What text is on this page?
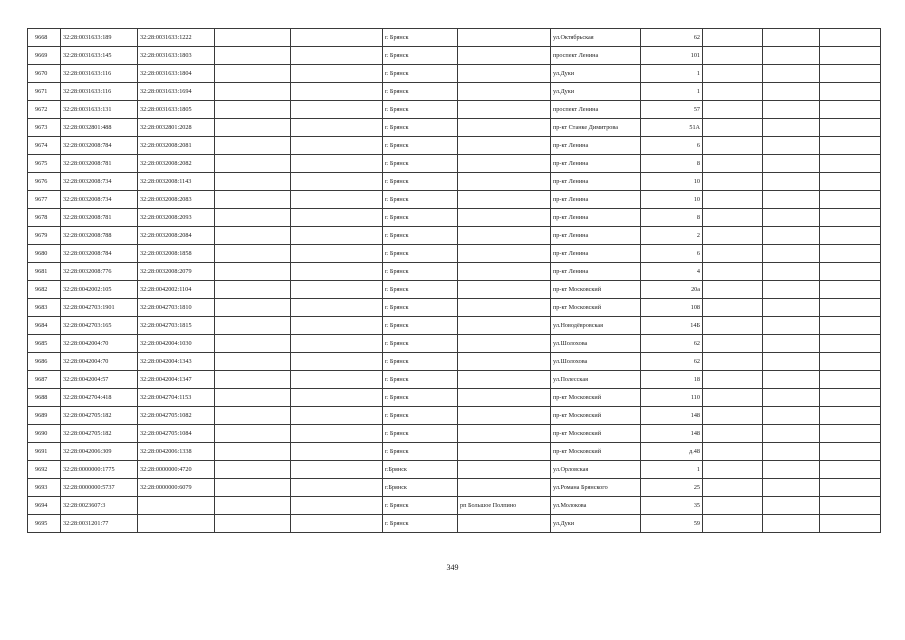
9668	32:28:0031633:189	32:28:0031633:1222			г. Брянск		ул.Октябрьская	62			
9669	32:28:0031633:145	32:28:0031633:1803			г. Брянск		проспект Ленина	101			
9670	32:28:0031633:116	32:28:0031633:1804			г. Брянск		ул.Дуки	1			
9671	32:28:0031633:116	32:28:0031633:1694			г. Брянск		ул.Дуки	1			
9672	32:28:0031633:131	32:28:0031633:1805			г. Брянск		проспект Ленина	57			
9673	32:28:0032801:488	32:28:0032801:2028			г. Брянск		пр-кт Станке Димитрова	51А			
9674	32:28:0032008:784	32:28:0032008:2081			г. Брянск		пр-кт Ленина	6			
9675	32:28:0032008:781	32:28:0032008:2082			г. Брянск		пр-кт Ленина	8			
9676	32:28:0032008:734	32:28:0032008:1143			г. Брянск		пр-кт Ленина	10			
9677	32:28:0032008:734	32:28:0032008:2083			г. Брянск		пр-кт Ленина	10			
9678	32:28:0032008:781	32:28:0032008:2093			г. Брянск		пр-кт Ленина	8			
9679	32:28:0032008:788	32:28:0032008:2084			г. Брянск		пр-кт Ленина	2			
9680	32:28:0032008:784	32:28:0032008:1858			г. Брянск		пр-кт Ленина	6			
9681	32:28:0032008:776	32:28:0032008:2079			г. Брянск		пр-кт Ленина	4			
9682	32:28:0042002:105	32:28:0042002:1104			г. Брянск		пр-кт Московский	20а			
9683	32:28:0042703:1901	32:28:0042703:1810			г. Брянск		пр-кт Московский	108			
9684	32:28:0042703:165	32:28:0042703:1815			г. Брянск		ул.Новодёвровская	14Б			
9685	32:28:0042004:70	32:28:0042004:1030			г. Брянск		ул.Шолохова	62			
9686	32:28:0042004:70	32:28:0042004:1343			г. Брянск		ул.Шолохова	62			
9687	32:28:0042004:57	32:28:0042004:1347			г. Брянск		ул.Полесская	18			
9688	32:28:0042704:418	32:28:0042704:1153			г. Брянск		пр-кт Московский	110			
9689	32:28:0042705:182	32:28:0042705:1082			г. Брянск		пр-кт Московский	148			
9690	32:28:0042705:182	32:28:0042705:1084			г. Брянск		пр-кт Московский	148			
9691	32:28:0042006:309	32:28:0042006:1338			г. Брянск		пр-кт Московский	д.48			
9692	32:28:0000000:1775	32:28:0000000:4720			г.Брянск		ул.Орловская	1			
9693	32:28:0000000:5737	32:28:0000000:6079			г.Брянск		ул.Романа Брянского	25			
9694	32:28:0023607:3				г. Брянск	рп Большое Полпино	ул.Молокова	35			
9695	32:28:0031201:77				г. Брянск		ул.Дуки	59			
349
